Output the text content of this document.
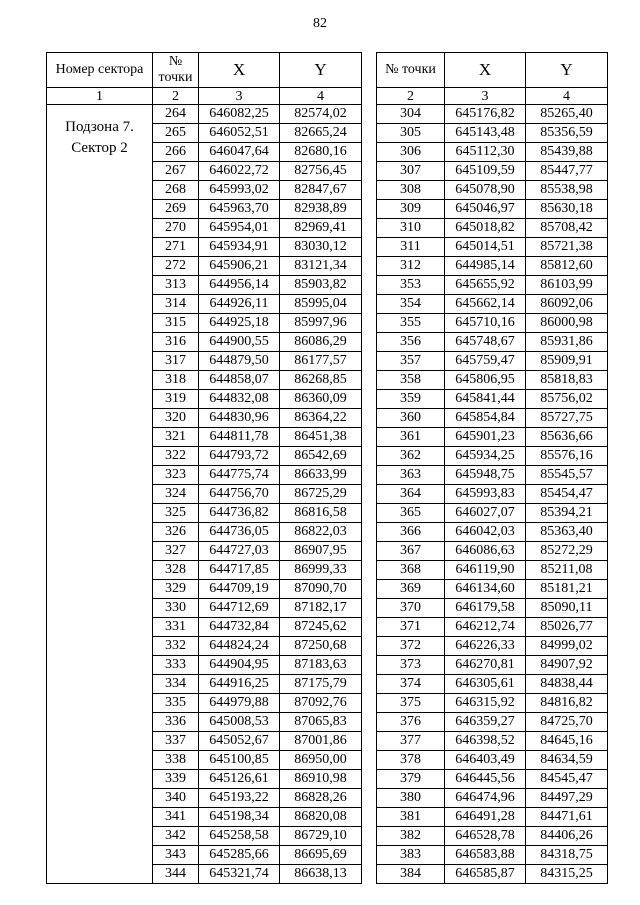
82
Номер сектора	№ точки	X	Y
1	2	3	4

Подзона 7.
Сектор 2	264	646082,25	82574,02
	265	646052,51	82665,24
	266	646047,64	82680,16
	267	646022,72	82756,45
	268	645993,02	82847,67
	269	645963,70	82938,89
	270	645954,01	82969,41
	271	645934,91	83030,12
	272	645906,21	83121,34
	313	644956,14	85903,82
	314	644926,11	85995,04
	315	644925,18	85997,96
	316	644900,55	86086,29
	317	644879,50	86177,57
	318	644858,07	86268,85
	319	644832,08	86360,09
	320	644830,96	86364,22
	321	644811,78	86451,38
	322	644793,72	86542,69
	323	644775,74	86633,99
	324	644756,70	86725,29
	325	644736,82	86816,58
	326	644736,05	86822,03
	327	644727,03	86907,95
	328	644717,85	86999,33
	329	644709,19	87090,70
	330	644712,69	87182,17
	331	644732,84	87245,62
	332	644824,24	87250,68
	333	644904,95	87183,63
	334	644916,25	87175,79
	335	644979,88	87092,76
	336	645008,53	87065,83
	337	645052,67	87001,86
	338	645100,85	86950,00
	339	645126,61	86910,98
	340	645193,22	86828,26
	341	645198,34	86820,08
	342	645258,58	86729,10
	343	645285,66	86695,69
	344	645321,74	86638,13
№ точки	X	Y
2	3	4
304	645176,82	85265,40
305	645143,48	85356,59
306	645112,30	85439,88
307	645109,59	85447,77
308	645078,90	85538,98
309	645046,97	85630,18
310	645018,82	85708,42
311	645014,51	85721,38
312	644985,14	85812,60
353	645655,92	86103,99
354	645662,14	86092,06
355	645710,16	86000,98
356	645748,67	85931,86
357	645759,47	85909,91
358	645806,95	85818,83
359	645841,44	85756,02
360	645854,84	85727,75
361	645901,23	85636,66
362	645934,25	85576,16
363	645948,75	85545,57
364	645993,83	85454,47
365	646027,07	85394,21
366	646042,03	85363,40
367	646086,63	85272,29
368	646119,90	85211,08
369	646134,60	85181,21
370	646179,58	85090,11
371	646212,74	85026,77
372	646226,33	84999,02
373	646270,81	84907,92
374	646305,61	84838,44
375	646315,92	84816,82
376	646359,27	84725,70
377	646398,52	84645,16
378	646403,49	84634,59
379	646445,56	84545,47
380	646474,96	84497,29
381	646491,28	84471,61
382	646528,78	84406,26
383	646583,88	84318,75
384	646585,87	84315,25
